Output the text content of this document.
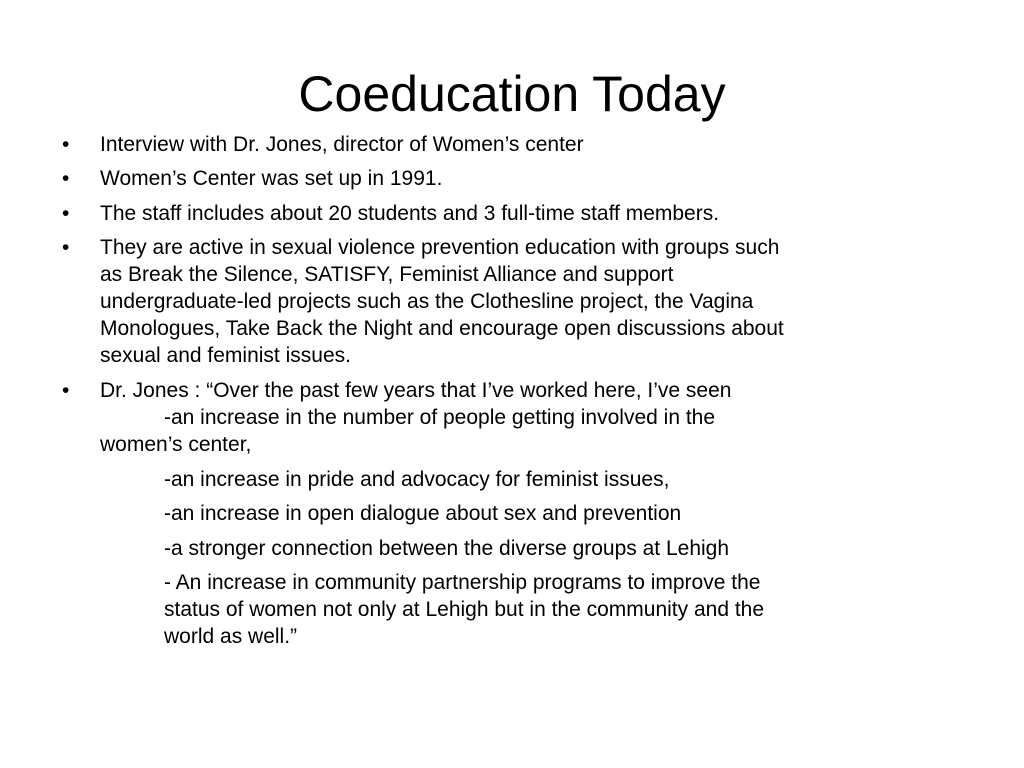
Coeducation Today
• Interview with Dr. Jones, director of Women’s center

• Women’s Center was set up in 1991.

• The staff includes about 20 students and 3 full-time staff members.

• They are active in sexual violence prevention education with groups such

as Break the Silence, SATISFY, Feminist Alliance and support

undergraduate-led projects such as the Clothesline project, the Vagina

Monologues, Take Back the Night and encourage open discussions about

sexual and feminist issues.

• Dr. Jones : “Over the past few years that I’ve worked here, I’ve seen

-an increase in the number of people getting involved in the

women’s center,

-an increase in pride and advocacy for feminist issues,

-an increase in open dialogue about sex and prevention

-a stronger connection between the diverse groups at Lehigh

- An increase in community partnership programs to improve the

status of women not only at Lehigh but in the community and the

world as well.”
